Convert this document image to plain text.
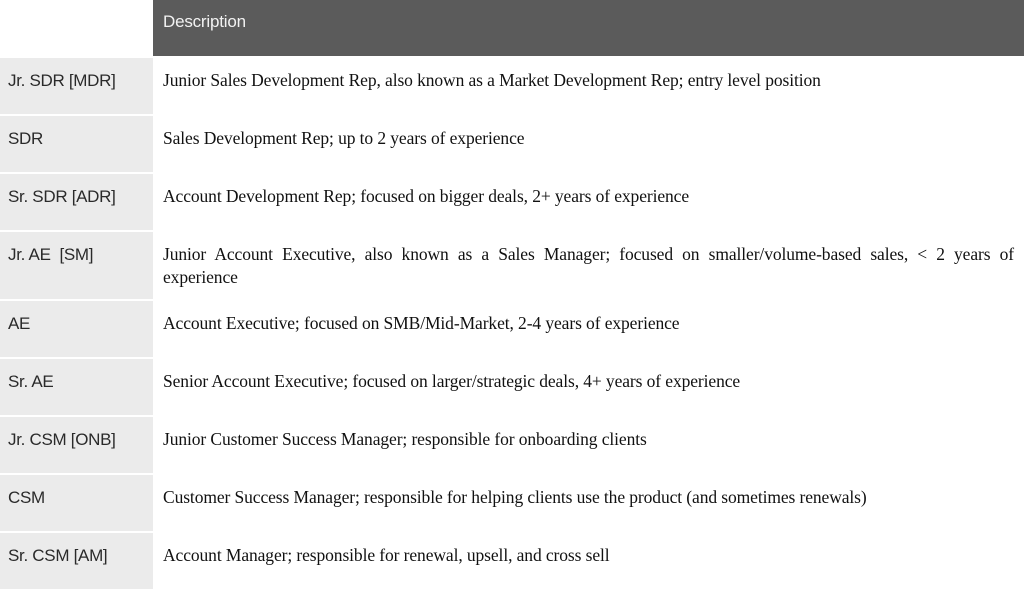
	Description
Jr. SDR [MDR]	Junior Sales Development Rep, also known as a Market Development Rep; entry level position
SDR	Sales Development Rep; up to 2 years of experience
Sr. SDR [ADR]	Account Development Rep; focused on bigger deals, 2+ years of experience
Jr. AE  [SM]	Junior Account Executive, also known as a Sales Manager; focused on smaller/volume-based sales, < 2 years of experience
AE	Account Executive; focused on SMB/Mid-Market, 2-4 years of experience
Sr. AE	Senior Account Executive; focused on larger/strategic deals, 4+ years of experience
Jr. CSM [ONB]	Junior Customer Success Manager; responsible for onboarding clients
CSM	Customer Success Manager; responsible for helping clients use the product (and sometimes renewals)
Sr. CSM [AM]	Account Manager; responsible for renewal, upsell, and cross sell
